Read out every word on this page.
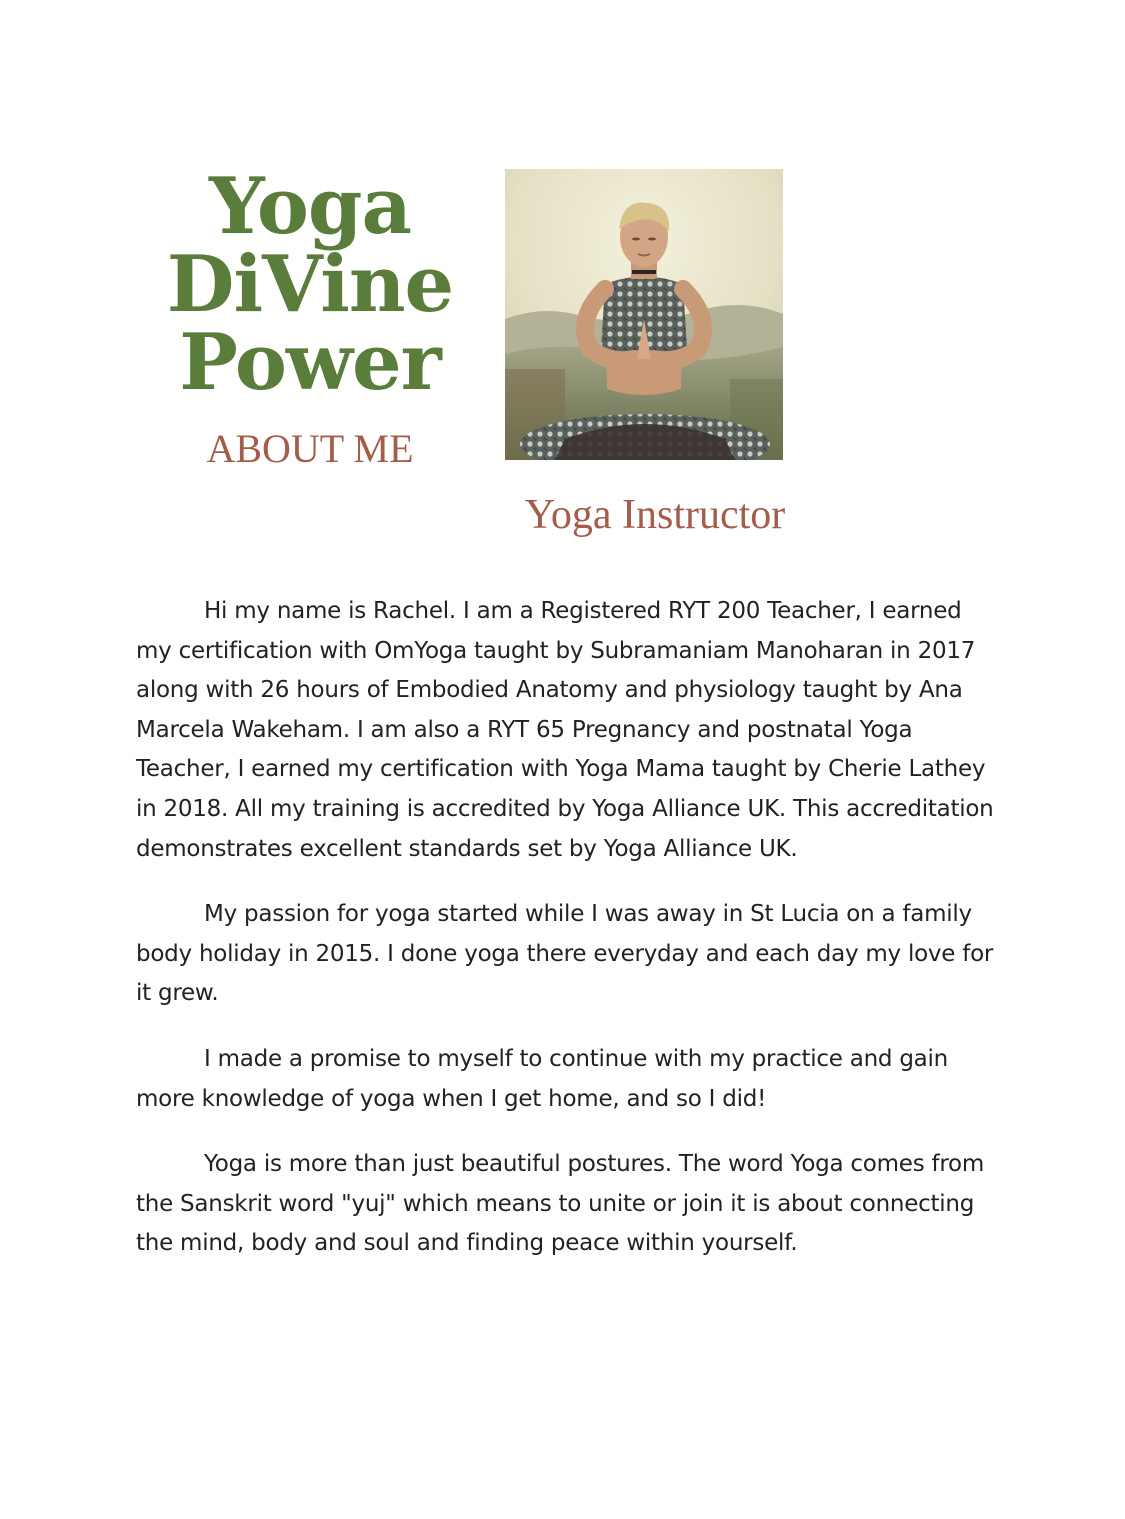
Yoga
DiVine
Power
ABOUT ME
Yoga Instructor

Hi my name is Rachel. I am a Registered RYT 200 Teacher, I earned my certification with OmYoga taught by Subramaniam Manoharan in 2017 along with 26 hours of Embodied Anatomy and physiology taught by Ana Marcela Wakeham. I am also a RYT 65 Pregnancy and postnatal Yoga Teacher, I earned my certification with Yoga Mama taught by Cherie Lathey in 2018. All my training is accredited by Yoga Alliance UK. This accreditation demonstrates excellent standards set by Yoga Alliance UK.

My passion for yoga started while I was away in St Lucia on a family body holiday in 2015. I done yoga there everyday and each day my love for it grew.

I made a promise to myself to continue with my practice and gain more knowledge of yoga when I get home, and so I did!

Yoga is more than just beautiful postures. The word Yoga comes from the Sanskrit word "yuj" which means to unite or join it is about connecting the mind, body and soul and finding peace within yourself.
